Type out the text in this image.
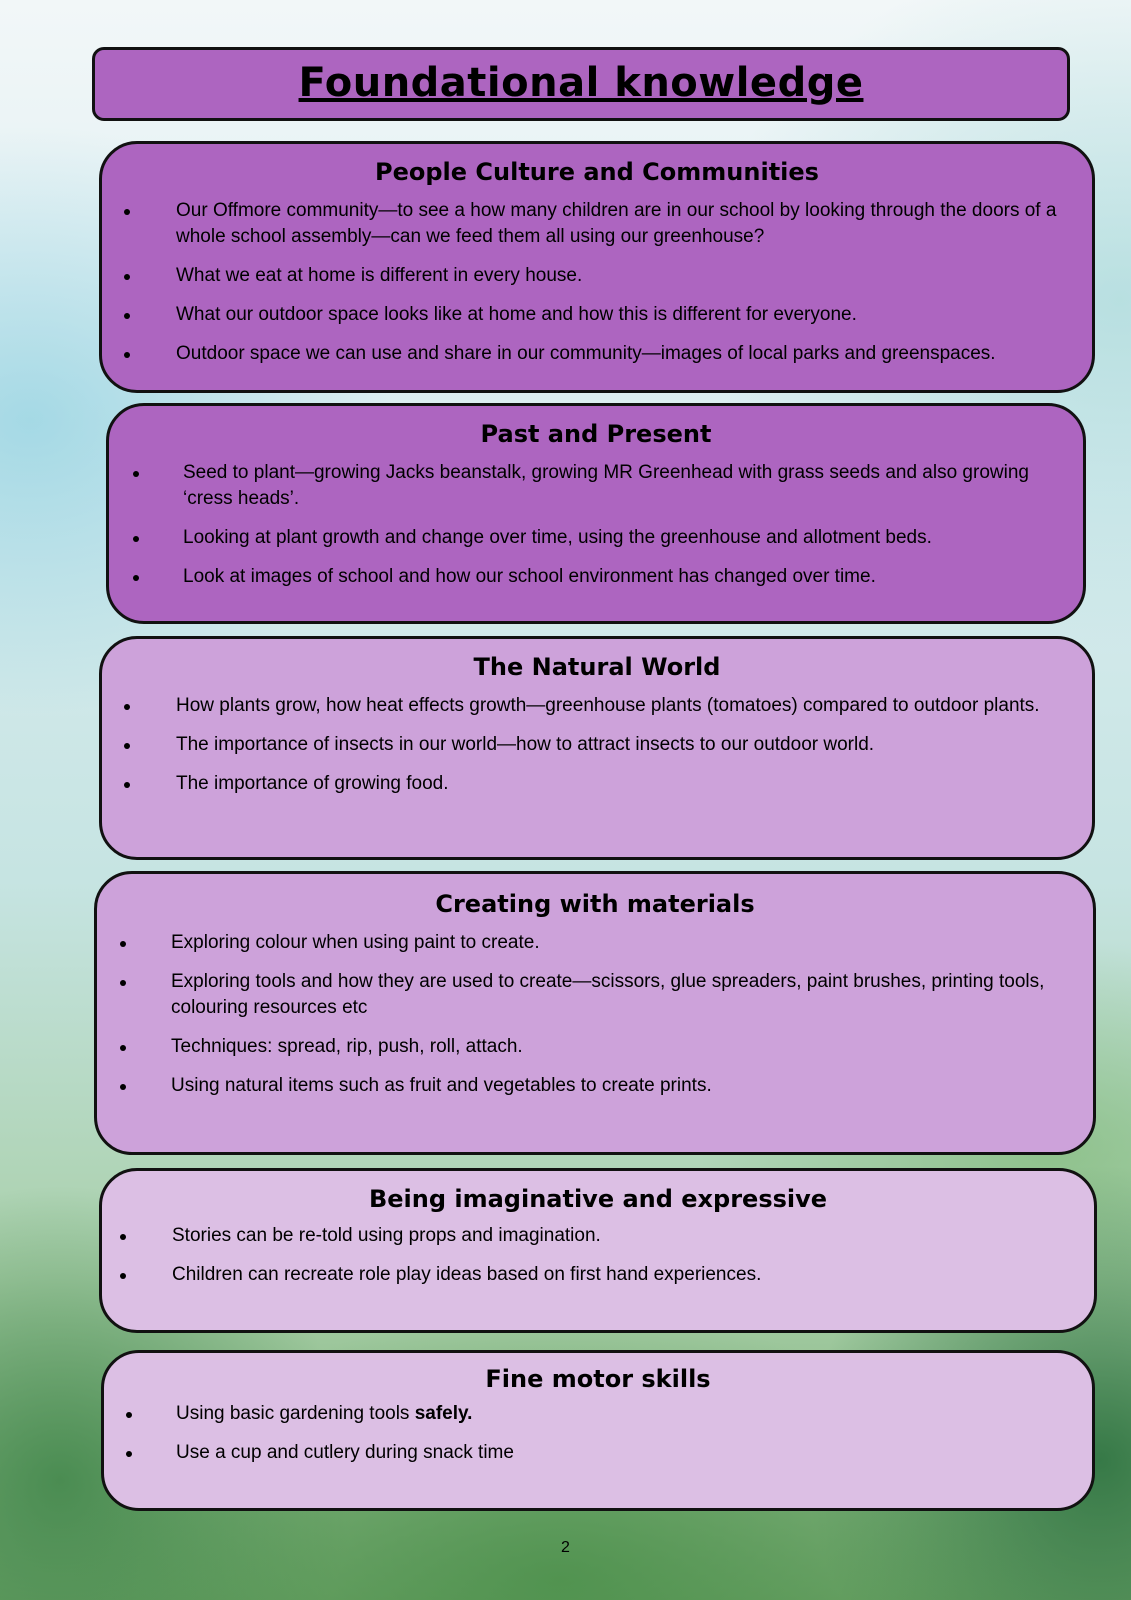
Foundational knowledge
People Culture and Communities
Our Offmore community—to see a how many children are in our school by looking through the doors of a whole school assembly—can we feed them all using our greenhouse?
What we eat at home is different in every house.
What our outdoor space looks like at home and how this is different for everyone.
Outdoor space we can use and share in our community—images of local parks and greenspaces.
Past and Present
Seed to plant—growing Jacks beanstalk, growing MR Greenhead with grass seeds and also growing ‘cress heads’.
Looking at plant growth and change over time, using the greenhouse and allotment beds.
Look at images of school and how our school environment has changed over time.
The Natural World
How plants grow, how heat effects growth—greenhouse plants (tomatoes) compared to outdoor plants.
The importance of insects in our world—how to attract insects to our outdoor world.
The importance of growing food.
Creating with materials
Exploring colour when using paint to create.
Exploring tools and how they are used to create—scissors, glue spreaders, paint brushes, printing tools, colouring resources etc
Techniques: spread, rip, push, roll, attach.
Using natural items such as fruit and vegetables to create prints.
Being imaginative and expressive
Stories can be re-told using props and imagination.
Children can recreate role play ideas based on first hand experiences.
Fine motor skills
Using basic gardening tools safely.
Use a cup and cutlery during snack time
2
